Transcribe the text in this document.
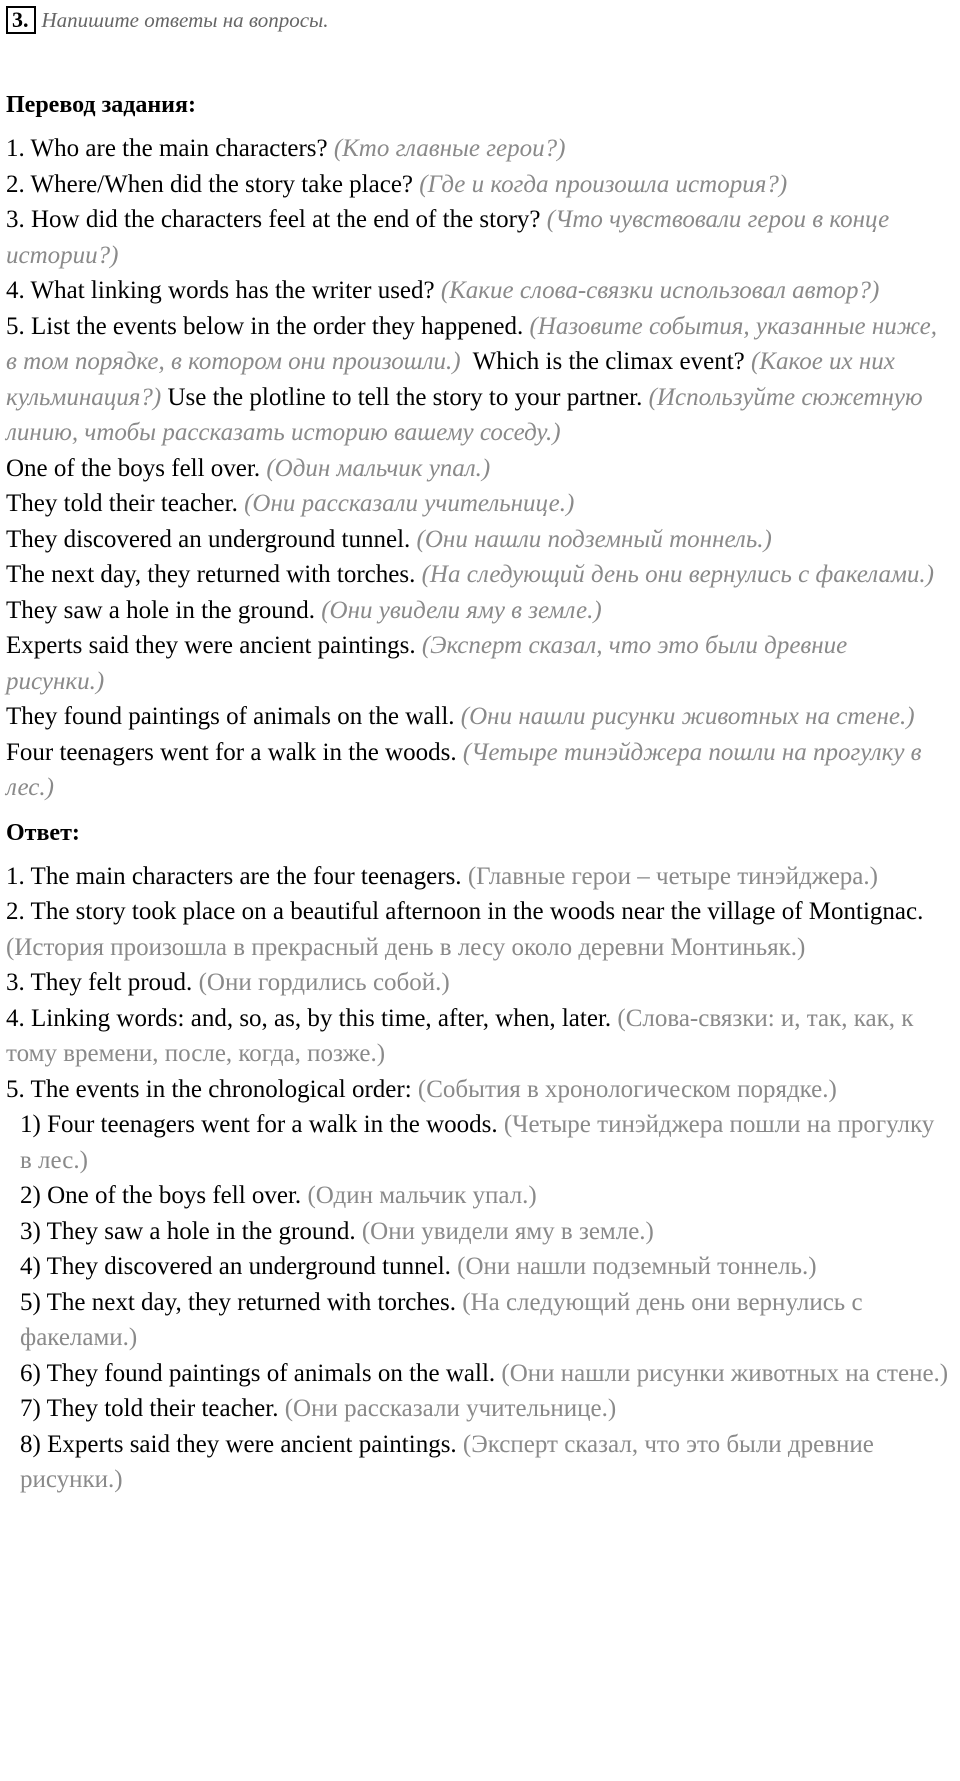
3. Напишите ответы на вопросы.
Перевод задания:
1. Who are the main characters? (Кто главные герои?)
2. Where/When did the story take place? (Где и когда произошла история?)
3. How did the characters feel at the end of the story? (Что чувствовали герои в конце истории?)
4. What linking words has the writer used? (Какие слова-связки использовал автор?)
5. List the events below in the order they happened. (Назовите события, указанные ниже, в том порядке, в котором они произошли.) Which is the climax event? (Какое их них кульминация?) Use the plotline to tell the story to your partner. (Используйте сюжетную линию, чтобы рассказать историю вашему соседу.)
One of the boys fell over. (Один мальчик упал.)
They told their teacher. (Они рассказали учительнице.)
They discovered an underground tunnel. (Они нашли подземный тоннель.)
The next day, they returned with torches. (На следующий день они вернулись с факелами.)
They saw a hole in the ground. (Они увидели яму в земле.)
Experts said they were ancient paintings. (Эксперт сказал, что это были древние рисунки.)
They found paintings of animals on the wall. (Они нашли рисунки животных на стене.)
Four teenagers went for a walk in the woods. (Четыре тинэйджера пошли на прогулку в лес.)
Ответ:
1. The main characters are the four teenagers. (Главные герои – четыре тинэйджера.)
2. The story took place on a beautiful afternoon in the woods near the village of Montignac. (История произошла в прекрасный день в лесу около деревни Монтиньяк.)
3. They felt proud. (Они гордились собой.)
4. Linking words: and, so, as, by this time, after, when, later. (Слова-связки: и, так, как, к тому времени, после, когда, позже.)
5. The events in the chronological order: (События в хронологическом порядке.)
1) Four teenagers went for a walk in the woods. (Четыре тинэйджера пошли на прогулку в лес.)
2) One of the boys fell over. (Один мальчик упал.)
3) They saw a hole in the ground. (Они увидели яму в земле.)
4) They discovered an underground tunnel. (Они нашли подземный тоннель.)
5) The next day, they returned with torches. (На следующий день они вернулись с факелами.)
6) They found paintings of animals on the wall. (Они нашли рисунки животных на стене.)
7) They told their teacher. (Они рассказали учительнице.)
8) Experts said they were ancient paintings. (Эксперт сказал, что это были древние рисунки.)
